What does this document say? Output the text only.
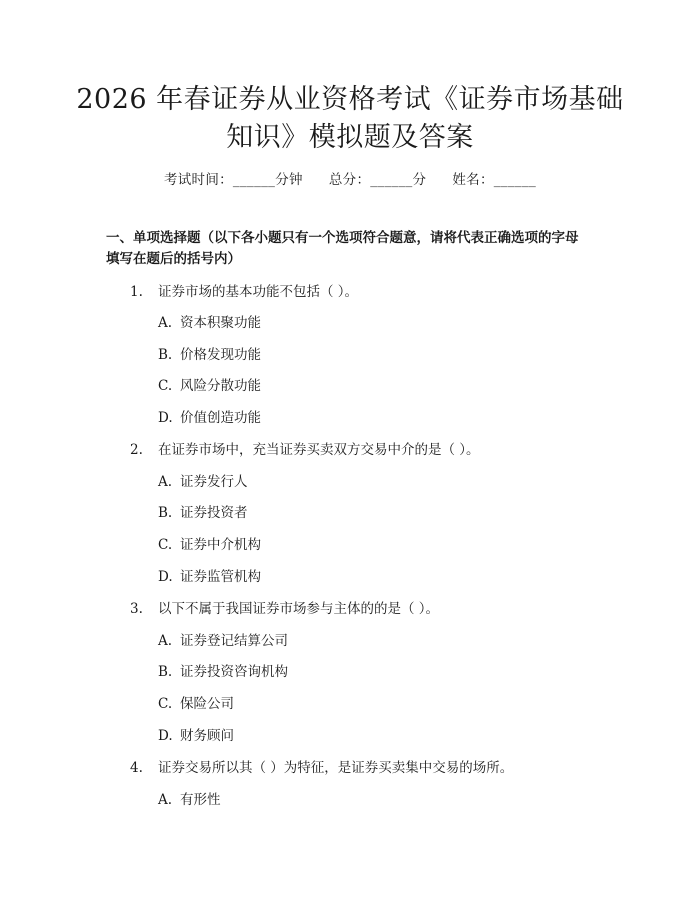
2026 年春证券从业资格考试《证券市场基础
知识》模拟题及答案
考试时间：______分钟 总分：______分 姓名：______
一、单项选择题（以下各小题只有一个选项符合题意，请将代表正确选项的字母
填写在题后的括号内）
1. 证券市场的基本功能不包括（ ）。
A. 资本积聚功能
B. 价格发现功能
C. 风险分散功能
D. 价值创造功能
2. 在证券市场中，充当证券买卖双方交易中介的是（ ）。
A. 证券发行人
B. 证券投资者
C. 证券中介机构
D. 证券监管机构
3. 以下不属于我国证券市场参与主体的的是（ ）。
A. 证券登记结算公司
B. 证券投资咨询机构
C. 保险公司
D. 财务顾问
4. 证券交易所以其（ ）为特征，是证券买卖集中交易的场所。
A. 有形性
